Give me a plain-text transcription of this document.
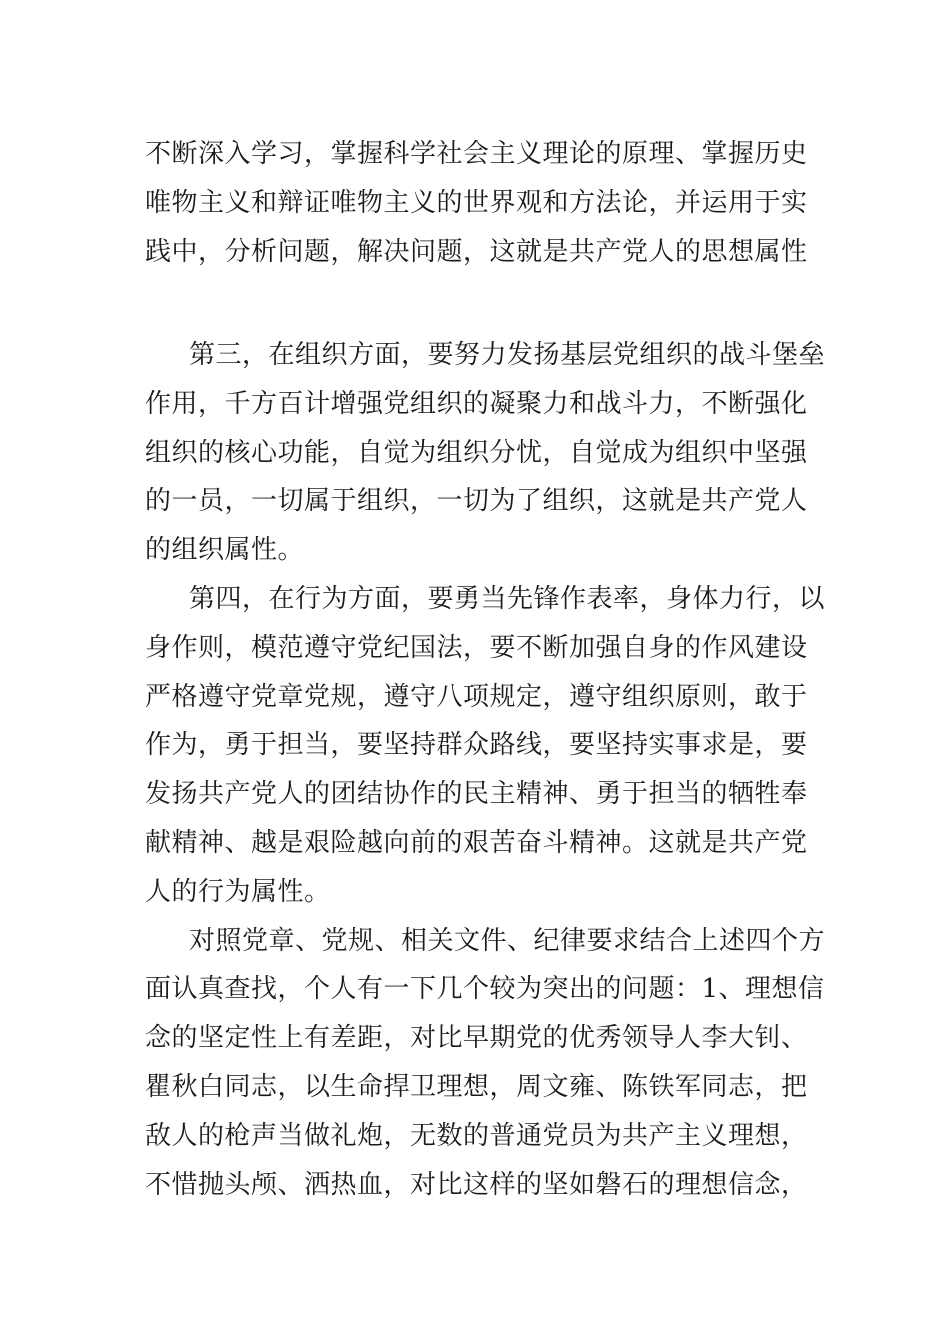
不断深入学习，掌握科学社会主义理论的原理、掌握历史
唯物主义和辩证唯物主义的世界观和方法论，并运用于实
践中，分析问题，解决问题，这就是共产党人的思想属性
第三，在组织方面，要努力发扬基层党组织的战斗堡垒
作用，千方百计增强党组织的凝聚力和战斗力，不断强化
组织的核心功能，自觉为组织分忧，自觉成为组织中坚强
的一员，一切属于组织，一切为了组织，这就是共产党人
的组织属性。
第四，在行为方面，要勇当先锋作表率，身体力行，以
身作则，模范遵守党纪国法，要不断加强自身的作风建设
严格遵守党章党规，遵守八项规定，遵守组织原则，敢于
作为，勇于担当，要坚持群众路线，要坚持实事求是，要
发扬共产党人的团结协作的民主精神、勇于担当的牺牲奉
献精神、越是艰险越向前的艰苦奋斗精神。这就是共产党
人的行为属性。
对照党章、党规、相关文件、纪律要求结合上述四个方
面认真查找，个人有一下几个较为突出的问题：1、理想信
念的坚定性上有差距，对比早期党的优秀领导人李大钊、
瞿秋白同志，以生命捍卫理想，周文雍、陈铁军同志，把
敌人的枪声当做礼炮，无数的普通党员为共产主义理想，
不惜抛头颅、洒热血，对比这样的坚如磐石的理想信念，
